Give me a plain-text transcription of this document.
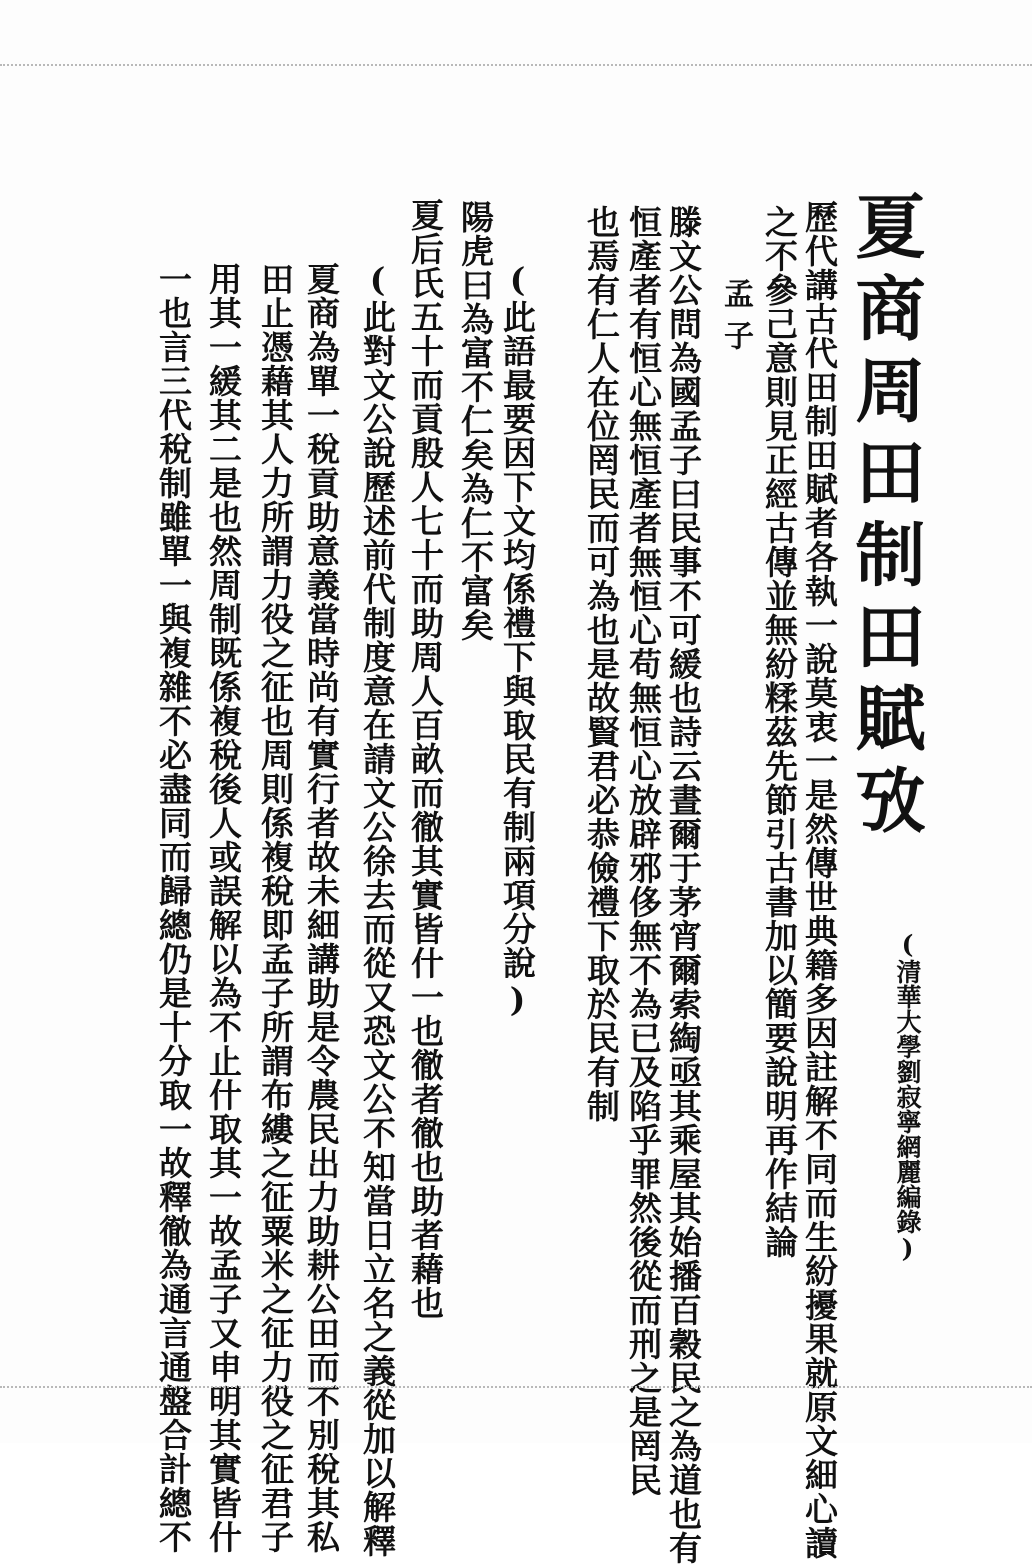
夏商周田制田賦攷
(清華大學劉寂寧網麗編錄)
歷代講古代田制田賦者各執一說莫衷一是然傳世典籍多因註解不同而生紛擾果就原文細心讀
之不參己意則見正經古傳並無紛糅茲先節引古書加以簡要說明再作結論
孟子
滕文公問為國孟子曰民事不可緩也詩云晝爾于茅宵爾索綯亟其乘屋其始播百穀民之為道也有
恒產者有恒心無恒產者無恒心苟無恒心放辟邪侈無不為已及陷乎罪然後從而刑之是罔民
也焉有仁人在位罔民而可為也是故賢君必恭儉禮下取於民有制
(此語最要因下文均係禮下與取民有制兩項分說)
陽虎曰為富不仁矣為仁不富矣
夏后氏五十而貢殷人七十而助周人百畝而徹其實皆什一也徹者徹也助者藉也
(此對文公說歷述前代制度意在請文公徐去而從又恐文公不知當日立名之義從加以解釋
夏商為單一稅貢助意義當時尚有實行者故未細講助是令農民出力助耕公田而不別稅其私
田止憑藉其人力所謂力役之征也周則係複稅即孟子所謂布縷之征粟米之征力役之征君子
用其一緩其二是也然周制既係複稅後人或誤解以為不止什取其一故孟子又申明其實皆什
一也言三代稅制雖單一與複雜不必盡同而歸總仍是十分取一故釋徹為通言通盤合計總不
